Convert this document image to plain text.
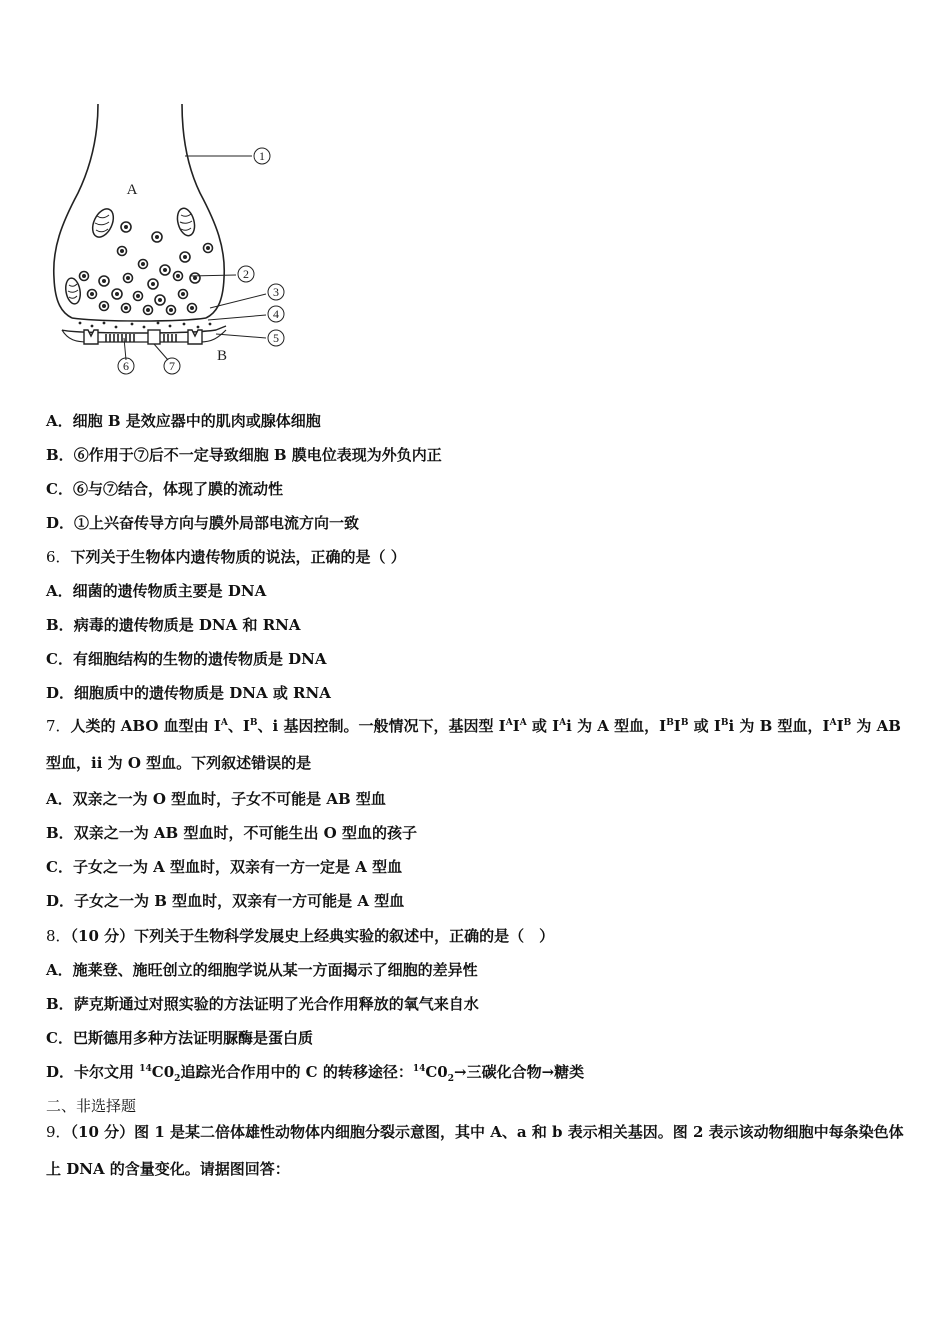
1
A
2
3
4
5
B
6	7
A．细胞 B 是效应器中的肌肉或腺体细胞
B．⑥作用于⑦后不一定导致细胞 B 膜电位表现为外负内正
C．⑥与⑦结合，体现了膜的流动性
D．①上兴奋传导方向与膜外局部电流方向一致
6．下列关于生物体内遗传物质的说法，正确的是（ ）
A．细菌的遗传物质主要是 DNA
B．病毒的遗传物质是 DNA 和 RNA
C．有细胞结构的生物的遗传物质是 DNA
D．细胞质中的遗传物质是 DNA 或 RNA
7．人类的 ABO 血型由 $I^A$、$I^B$、i 基因控制。一般情况下，基因型 $I^AI^A$ 或 $I^Ai$ 为 A 型血，$I^BI^B$ 或 $I^Bi$ 为 B 型血，$I^AI^B$ 为 AB 型血，ii 为 O 型血。下列叙述错误的是
A．双亲之一为 O 型血时，子女不可能是 AB 型血
B．双亲之一为 AB 型血时，不可能生出 O 型血的孩子
C．子女之一为 A 型血时，双亲有一方一定是 A 型血
D．子女之一为 B 型血时，双亲有一方可能是 A 型血
8．（10 分）下列关于生物科学发展史上经典实验的叙述中，正确的是（　）
A．施莱登、施旺创立的细胞学说从某一方面揭示了细胞的差异性
B．萨克斯通过对照实验的方法证明了光合作用释放的氧气来自水
C．巴斯德用多种方法证明脲酶是蛋白质
D．卡尔文用 $^{14}C0_2$追踪光合作用中的 C 的转移途径：$^{14}C0_2\to$三碳化合物→糖类
二、非选择题
9．（10 分）图 1 是某二倍体雄性动物体内细胞分裂示意图，其中 A、a 和 b 表示相关基因。图 2 表示该动物细胞中每条染色体上 DNA 的含量变化。请据图回答：
